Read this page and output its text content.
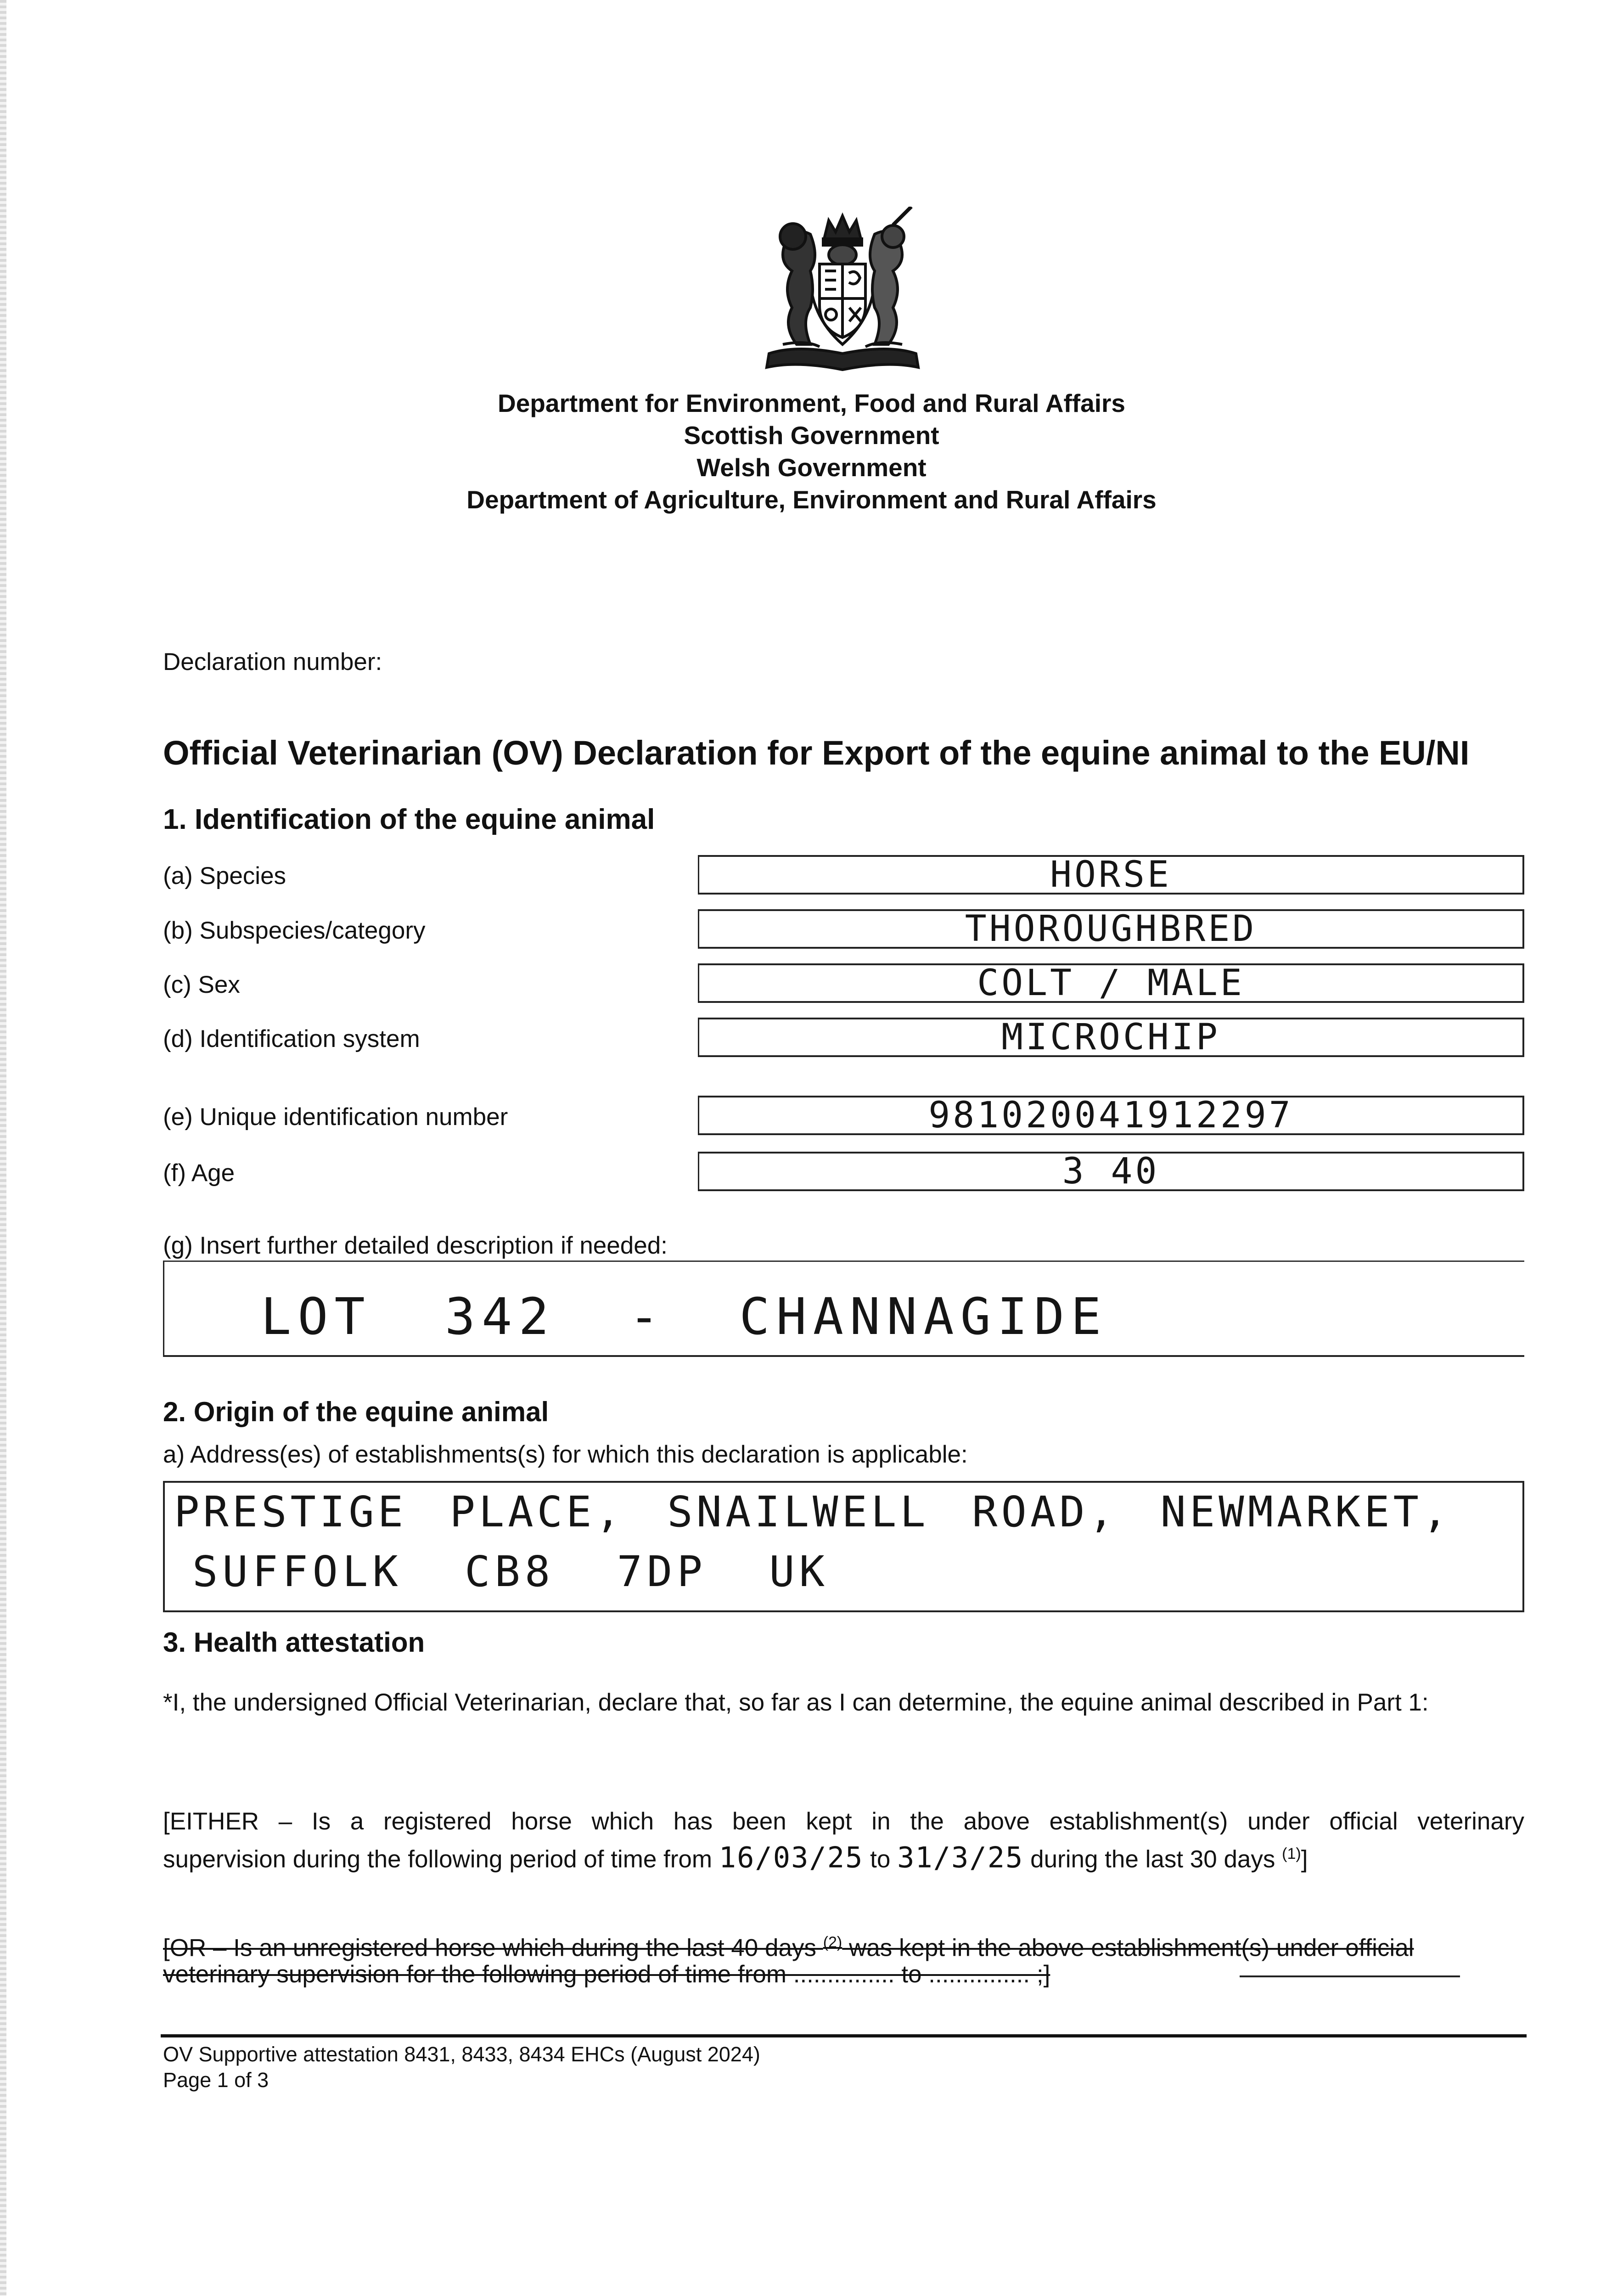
Department for Environment, Food and Rural Affairs
Scottish Government
Welsh Government
Department of Agriculture, Environment and Rural Affairs
Declaration number:
Official Veterinarian (OV) Declaration for Export of the equine animal to the EU/NI
1. Identification of the equine animal
(a) Species	HORSE
(b) Subspecies/category	THOROUGHBRED
(c) Sex	COLT / MALE
(d) Identification system	MICROCHIP
(e) Unique identification number	981020041912297
(f) Age	3 40
(g) Insert further detailed description if needed:
LOT 342 - CHANNAGIDE
2. Origin of the equine animal
a) Address(es) of establishments(s) for which this declaration is applicable:
PRESTIGE PLACE, SNAILWELL ROAD, NEWMARKET,
SUFFOLK CB8 7DP UK
3. Health attestation
*I, the undersigned Official Veterinarian, declare that, so far as I can determine, the equine animal described in Part 1:
[EITHER – Is a registered horse which has been kept in the above establishment(s) under official veterinary
supervision during the following period of time from 16/03/25 to 31/3/25 during the last 30 days $^{(1)}$]
[OR – Is an unregistered horse which during the last 40 days $^{(2)}$ was kept in the above establishment(s) under official
veterinary supervision for the following period of time from ............... to ............... ;]
OV Supportive attestation 8431, 8433, 8434 EHCs (August 2024)
Page 1 of 3
